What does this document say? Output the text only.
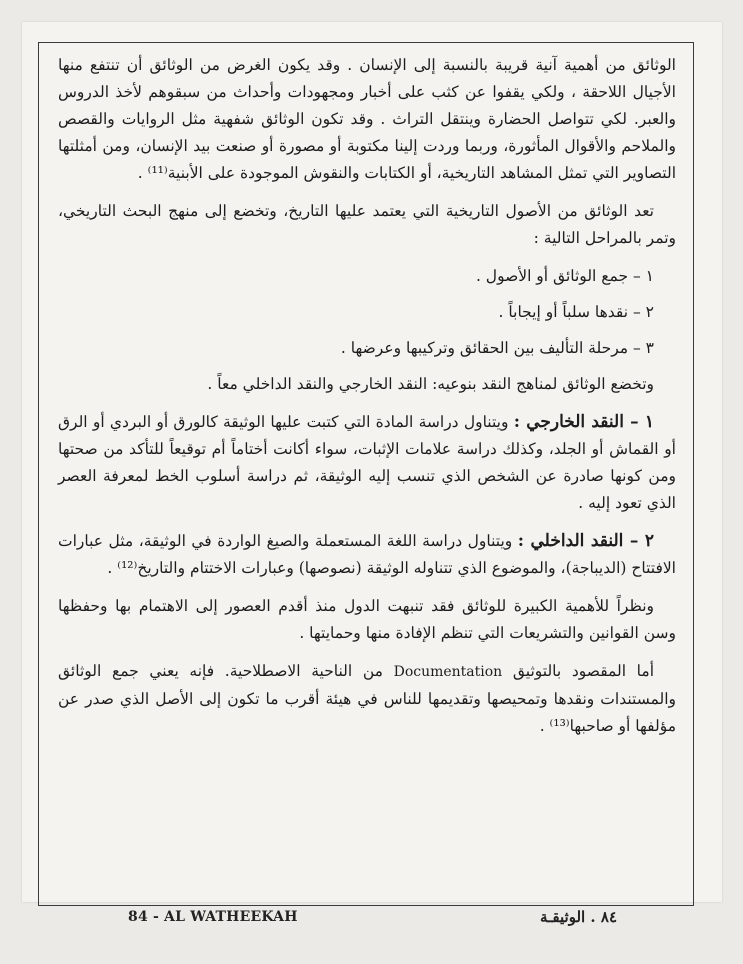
الوثائق من أهمية آنية قريبة بالنسبة إلى الإنسان . وقد يكون الغرض من الوثائق أن تنتفع منها الأجيال اللاحقة ، ولكي يقفوا عن كثب على أخبار ومجهودات وأحداث من سبقوهم لأخذ الدروس والعبر. لكي تتواصل الحضارة وينتقل التراث . وقد تكون الوثائق شفهية مثل الروايات والقصص والملاحم والأقوال المأثورة، وربما وردت إلينا مكتوبة أو مصورة أو صنعت بيد الإنسان، ومن أمثلتها التصاوير التي تمثل المشاهد التاريخية، أو الكتابات والنقوش الموجودة على الأبنية⁽¹¹⁾ .

تعد الوثائق من الأصول التاريخية التي يعتمد عليها التاريخ، وتخضع إلى منهج البحث التاريخي، وتمر بالمراحل التالية :

١ – جمع الوثائق أو الأصول .

٢ – نقدها سلباً أو إيجاباً .

٣ – مرحلة التأليف بين الحقائق وتركيبها وعرضها .

وتخضع الوثائق لمناهج النقد بنوعيه: النقد الخارجي والنقد الداخلي معاً .

١ – النقد الخارجي : ويتناول دراسة المادة التي كتبت عليها الوثيقة كالورق أو البردي أو الرق أو القماش أو الجلد، وكذلك دراسة علامات الإثبات، سواء أكانت أختاماً أم توقيعاً للتأكد من صحتها ومن كونها صادرة عن الشخص الذي تنسب إليه الوثيقة، ثم دراسة أسلوب الخط لمعرفة العصر الذي تعود إليه .

٢ – النقد الداخلي : ويتناول دراسة اللغة المستعملة والصيغ الواردة في الوثيقة، مثل عبارات الافتتاح (الديباجة)، والموضوع الذي تتناوله الوثيقة (نصوصها) وعبارات الاختتام والتاريخ⁽¹²⁾ .

ونظراً للأهمية الكبيرة للوثائق فقد تنبهت الدول منذ أقدم العصور إلى الاهتمام بها وحفظها وسن القوانين والتشريعات التي تنظم الإفادة منها وحمايتها .

أما المقصود بالتوثيق Documentation من الناحية الاصطلاحية. فإنه يعني جمع الوثائق والمستندات ونقدها وتمحيصها وتقديمها للناس في هيئة أقرب ما تكون إلى الأصل الذي صدر عن مؤلفها أو صاحبها⁽¹³⁾ .

84 - AL WATHEEKAH	٨٤ . الوثيقـة
